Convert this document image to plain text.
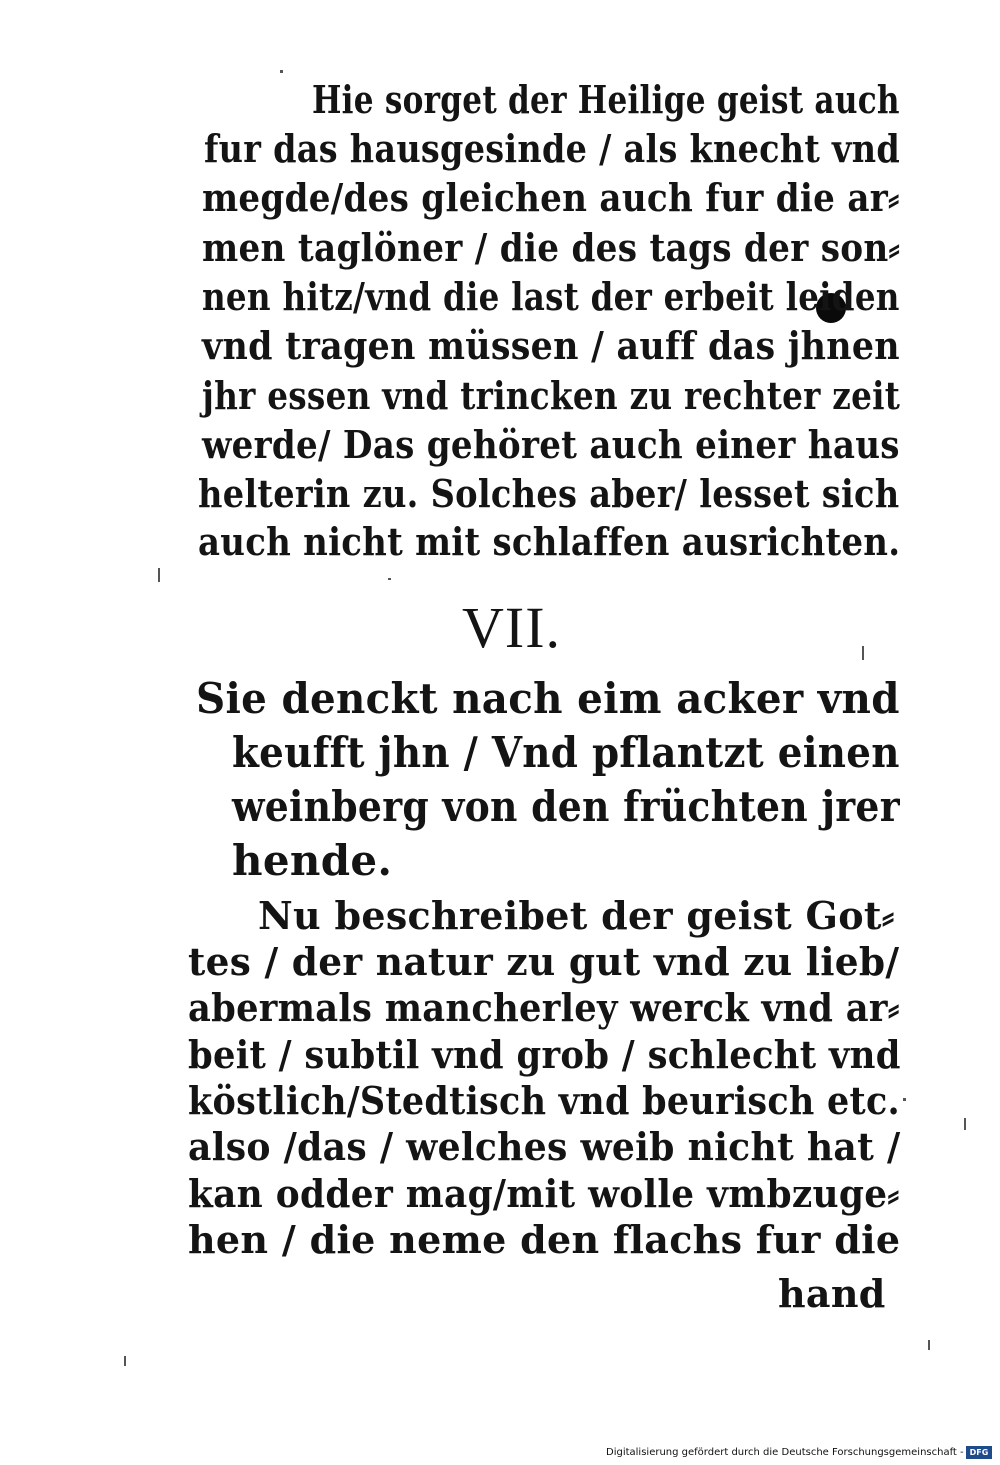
Hie sorget der Heilige geist auch
fur das hausgesinde / als knecht vnd
megde/des gleichen auch fur die ar⸗
men taglöner / die des tags der son⸗
nen hitz/vnd die last der erbeit leiden
vnd tragen müssen / auff das jhnen
jhr essen vnd trincken zu rechter zeit
werde/ Das gehöret auch einer haus
helterin zu. Solches aber/ lesset sich
auch nicht mit schlaffen ausrichten.
VII.
Sie denckt nach eim acker vnd
keufft jhn / Vnd pflantzt einen
weinberg von den früchten jrer
hende.
Nu beschreibet der geist Got⸗
tes / der natur zu gut vnd zu lieb/
abermals mancherley werck vnd ar⸗
beit / subtil vnd grob / schlecht vnd
köstlich/Stedtisch vnd beurisch etc.
also /das / welches weib nicht hat /
kan odder mag/mit wolle vmbzuge⸗
hen / die neme den flachs fur die
hand
Digitalisierung gefördert durch die Deutsche Forschungsgemeinschaft - DFG
